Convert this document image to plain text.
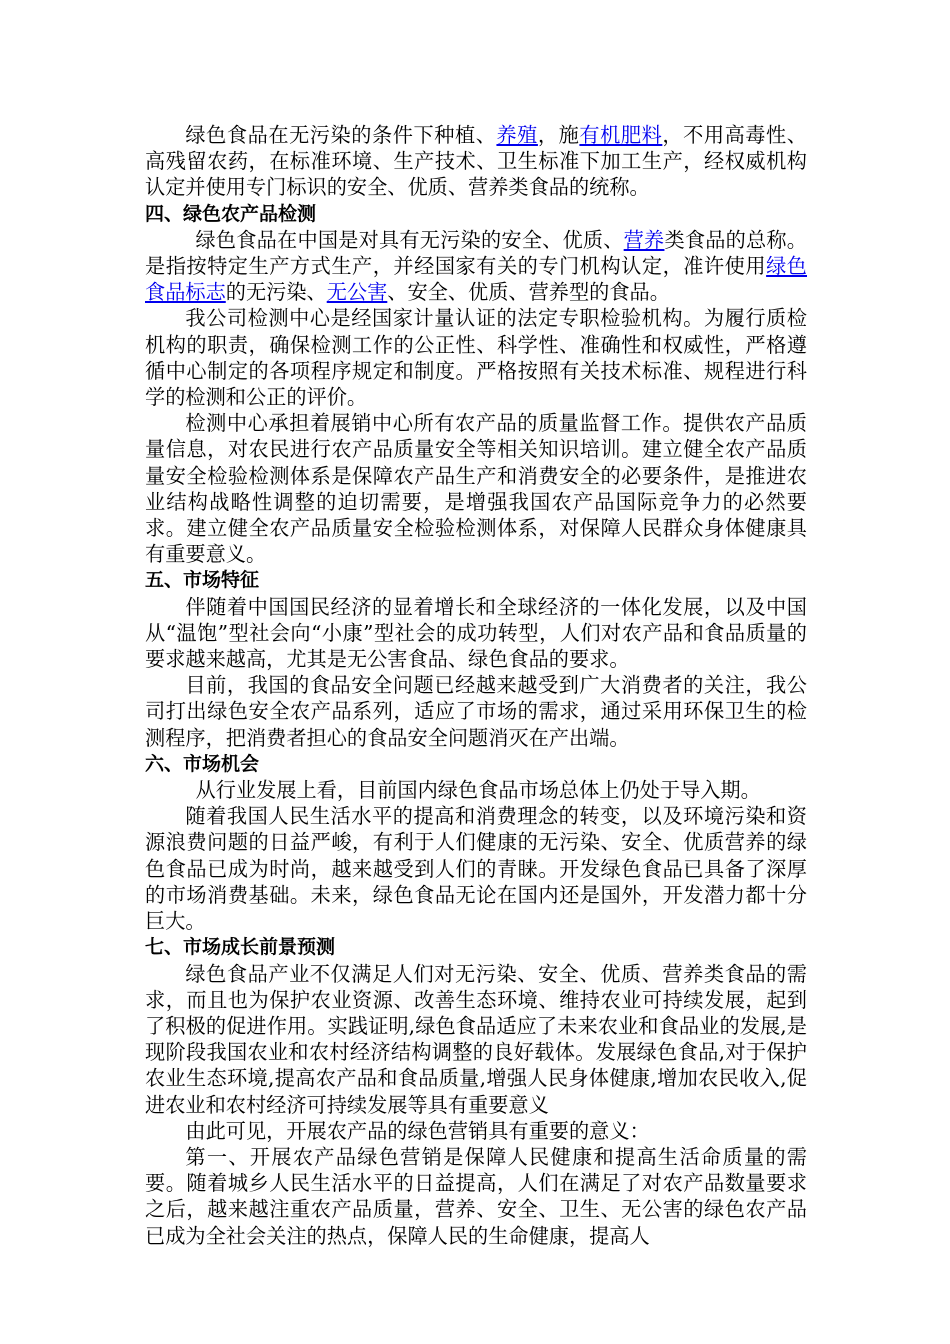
绿色食品在无污染的条件下种植、养殖，施有机肥料，不用高毒性、高残留农药，在标准环境、生产技术、卫生标准下加工生产，经权威机构认定并使用专门标识的安全、优质、营养类食品的统称。

四、绿色农产品检测

绿色食品在中国是对具有无污染的安全、优质、营养类食品的总称。是指按特定生产方式生产，并经国家有关的专门机构认定，准许使用绿色食品标志的无污染、无公害、安全、优质、营养型的食品。

我公司检测中心是经国家计量认证的法定专职检验机构。为履行质检机构的职责，确保检测工作的公正性、科学性、准确性和权威性，严格遵循中心制定的各项程序规定和制度。严格按照有关技术标准、规程进行科学的检测和公正的评价。

检测中心承担着展销中心所有农产品的质量监督工作。提供农产品质量信息，对农民进行农产品质量安全等相关知识培训。建立健全农产品质量安全检验检测体系是保障农产品生产和消费安全的必要条件，是推进农业结构战略性调整的迫切需要，是增强我国农产品国际竞争力的必然要求。建立健全农产品质量安全检验检测体系，对保障人民群众身体健康具有重要意义。

五、市场特征

伴随着中国国民经济的显着增长和全球经济的一体化发展，以及中国从“温饱”型社会向“小康”型社会的成功转型，人们对农产品和食品质量的要求越来越高，尤其是无公害食品、绿色食品的要求。

目前，我国的食品安全问题已经越来越受到广大消费者的关注，我公司打出绿色安全农产品系列，适应了市场的需求，通过采用环保卫生的检测程序，把消费者担心的食品安全问题消灭在产出端。

六、市场机会

从行业发展上看，目前国内绿色食品市场总体上仍处于导入期。

随着我国人民生活水平的提高和消费理念的转变，以及环境污染和资源浪费问题的日益严峻，有利于人们健康的无污染、安全、优质营养的绿色食品已成为时尚，越来越受到人们的青睐。开发绿色食品已具备了深厚的市场消费基础。未来，绿色食品无论在国内还是国外，开发潜力都十分巨大。

七、市场成长前景预测

绿色食品产业不仅满足人们对无污染、安全、优质、营养类食品的需求，而且也为保护农业资源、改善生态环境、维持农业可持续发展，起到了积极的促进作用。实践证明,绿色食品适应了未来农业和食品业的发展,是现阶段我国农业和农村经济结构调整的良好载体。发展绿色食品,对于保护农业生态环境,提高农产品和食品质量,增强人民身体健康,增加农民收入,促进农业和农村经济可持续发展等具有重要意义

由此可见，开展农产品的绿色营销具有重要的意义：

第一、开展农产品绿色营销是保障人民健康和提高生活命质量的需要。随着城乡人民生活水平的日益提高，人们在满足了对农产品数量要求之后，越来越注重农产品质量，营养、安全、卫生、无公害的绿色农产品已成为全社会关注的热点，保障人民的生命健康，提高人
